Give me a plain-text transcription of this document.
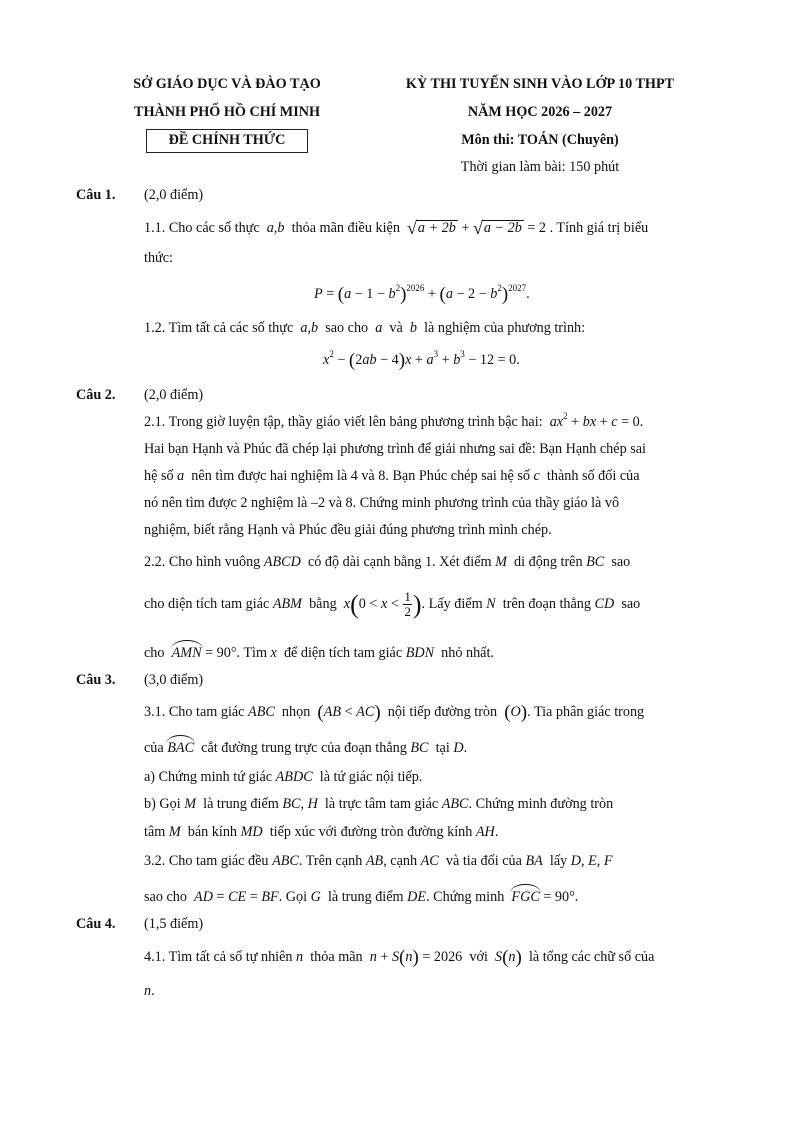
SỞ GIÁO DỤC VÀ ĐÀO TẠO
THÀNH PHỐ HỒ CHÍ MINH
ĐỀ CHÍNH THỨC
KỲ THI TUYỂN SINH VÀO LỚP 10 THPT
NĂM HỌC 2026 – 2027
Môn thi: TOÁN (Chuyên)
Thời gian làm bài: 150 phút
Câu 1. (2,0 điểm)
1.1. Cho các số thực a,b thỏa mãn điều kiện √a + 2b + √a − 2b = 2 . Tính giá trị biểu
thức:
$P = (a - 1 - b^2)^{2026} + (a - 2 - b^2)^{2027}$.
1.2. Tìm tất cả các số thực a,b sao cho a và b là nghiệm của phương trình:
$x^2 - (2ab - 4)x + a^3 + b^3 - 12 = 0$.
Câu 2. (2,0 điểm)
2.1. Trong giờ luyện tập, thầy giáo viết lên bảng phương trình bậc hai: $ax^2$ + bx + c = 0.
Hai bạn Hạnh và Phúc đã chép lại phương trình để giải nhưng sai đề: Bạn Hạnh chép sai
hệ số a nên tìm được hai nghiệm là 4 và 8. Bạn Phúc chép sai hệ số c thành số đối của
nó nên tìm được 2 nghiệm là –2 và 8. Chứng minh phương trình của thầy giáo là vô
nghiệm, biết rằng Hạnh và Phúc đều giải đúng phương trình mình chép.
2.2. Cho hình vuông ABCD có độ dài cạnh bằng 1. Xét điểm M di động trên BC sao
cho diện tích tam giác ABM bằng $x(0 < x < \frac{1}{2}$ ). Lấy điểm N trên đoạn thẳng CD sao
cho AMN = 90°. Tìm x để diện tích tam giác BDN nhỏ nhất.
Câu 3. (3,0 điểm)
3.1. Cho tam giác ABC nhọn (AB < AC) nội tiếp đường tròn (O). Tia phân giác trong
của BAC cắt đường trung trực của đoạn thẳng BC tại D.
a) Chứng minh tứ giác ABDC là tứ giác nội tiếp.
b) Gọi M là trung điểm BC, H là trực tâm tam giác ABC. Chứng minh đường tròn
tâm M bán kính MD tiếp xúc với đường tròn đường kính AH.
3.2. Cho tam giác đều ABC. Trên cạnh AB, cạnh AC và tia đối của BA lấy D, E, F
sao cho AD = CE = BF. Gọi G là trung điểm DE. Chứng minh FGC = 90°.
Câu 4. (1,5 điểm)
4.1. Tìm tất cả số tự nhiên n thỏa mãn n + S(n) = 2026 với S(n) là tổng các chữ số của
n.
